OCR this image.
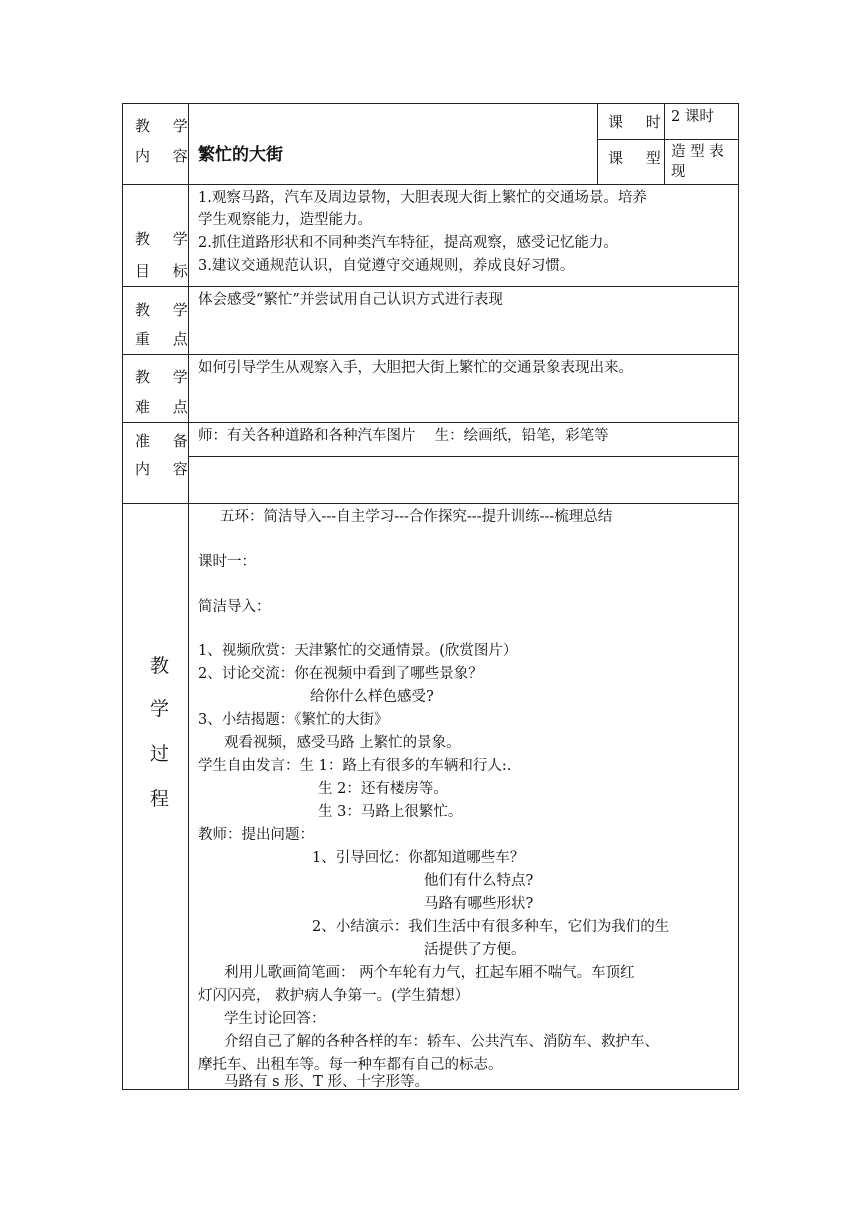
教 学
内 容 繁忙的大街
课 时 2 课时
课 型 造 型 表
现
教 学
目 标
1.观察马路，汽车及周边景物，大胆表现大街上繁忙的交通场景。培养
学生观察能力，造型能力。
2.抓住道路形状和不同种类汽车特征，提高观察，感受记忆能力。
3.建议交通规范认识，自觉遵守交通规则，养成良好习惯。
教 学
重 点
体会感受“繁忙”并尝试用自己认识方式进行表现
教 学
难 点
如何引导学生从观察入手，大胆把大街上繁忙的交通景象表现出来。
准 备
内 容
师：有关各种道路和各种汽车图片　 生：绘画纸，铅笔，彩笔等
教
学
过
程
五环：简洁导入---自主学习---合作探究---提升训练---梳理总结
课时一：
简洁导入：
1、视频欣赏：天津繁忙的交通情景。(欣赏图片）
2、讨论交流：你在视频中看到了哪些景象？
给你什么样色感受?
3、小结揭题：《繁忙的大街》
观看视频，感受马路 上繁忙的景象。
学生自由发言：生 1：路上有很多的车辆和行人:.
生 2：还有楼房等。
生 3：马路上很繁忙。
教师：提出问题：
1、引导回忆：你都知道哪些车？
他们有什么特点?
马路有哪些形状?
2、小结演示：我们生活中有很多种车，它们为我们的生
活提供了方便。
利用儿歌画简笔画： 两个车轮有力气，扛起车厢不喘气。车顶红
灯闪闪亮， 救护病人争第一。(学生猜想）
学生讨论回答：
介绍自己了解的各种各样的车：轿车、公共汽车、消防车、救护车、
摩托车、出租车等。每一种车都有自己的标志。
马路有 s 形、T 形、十字形等。
